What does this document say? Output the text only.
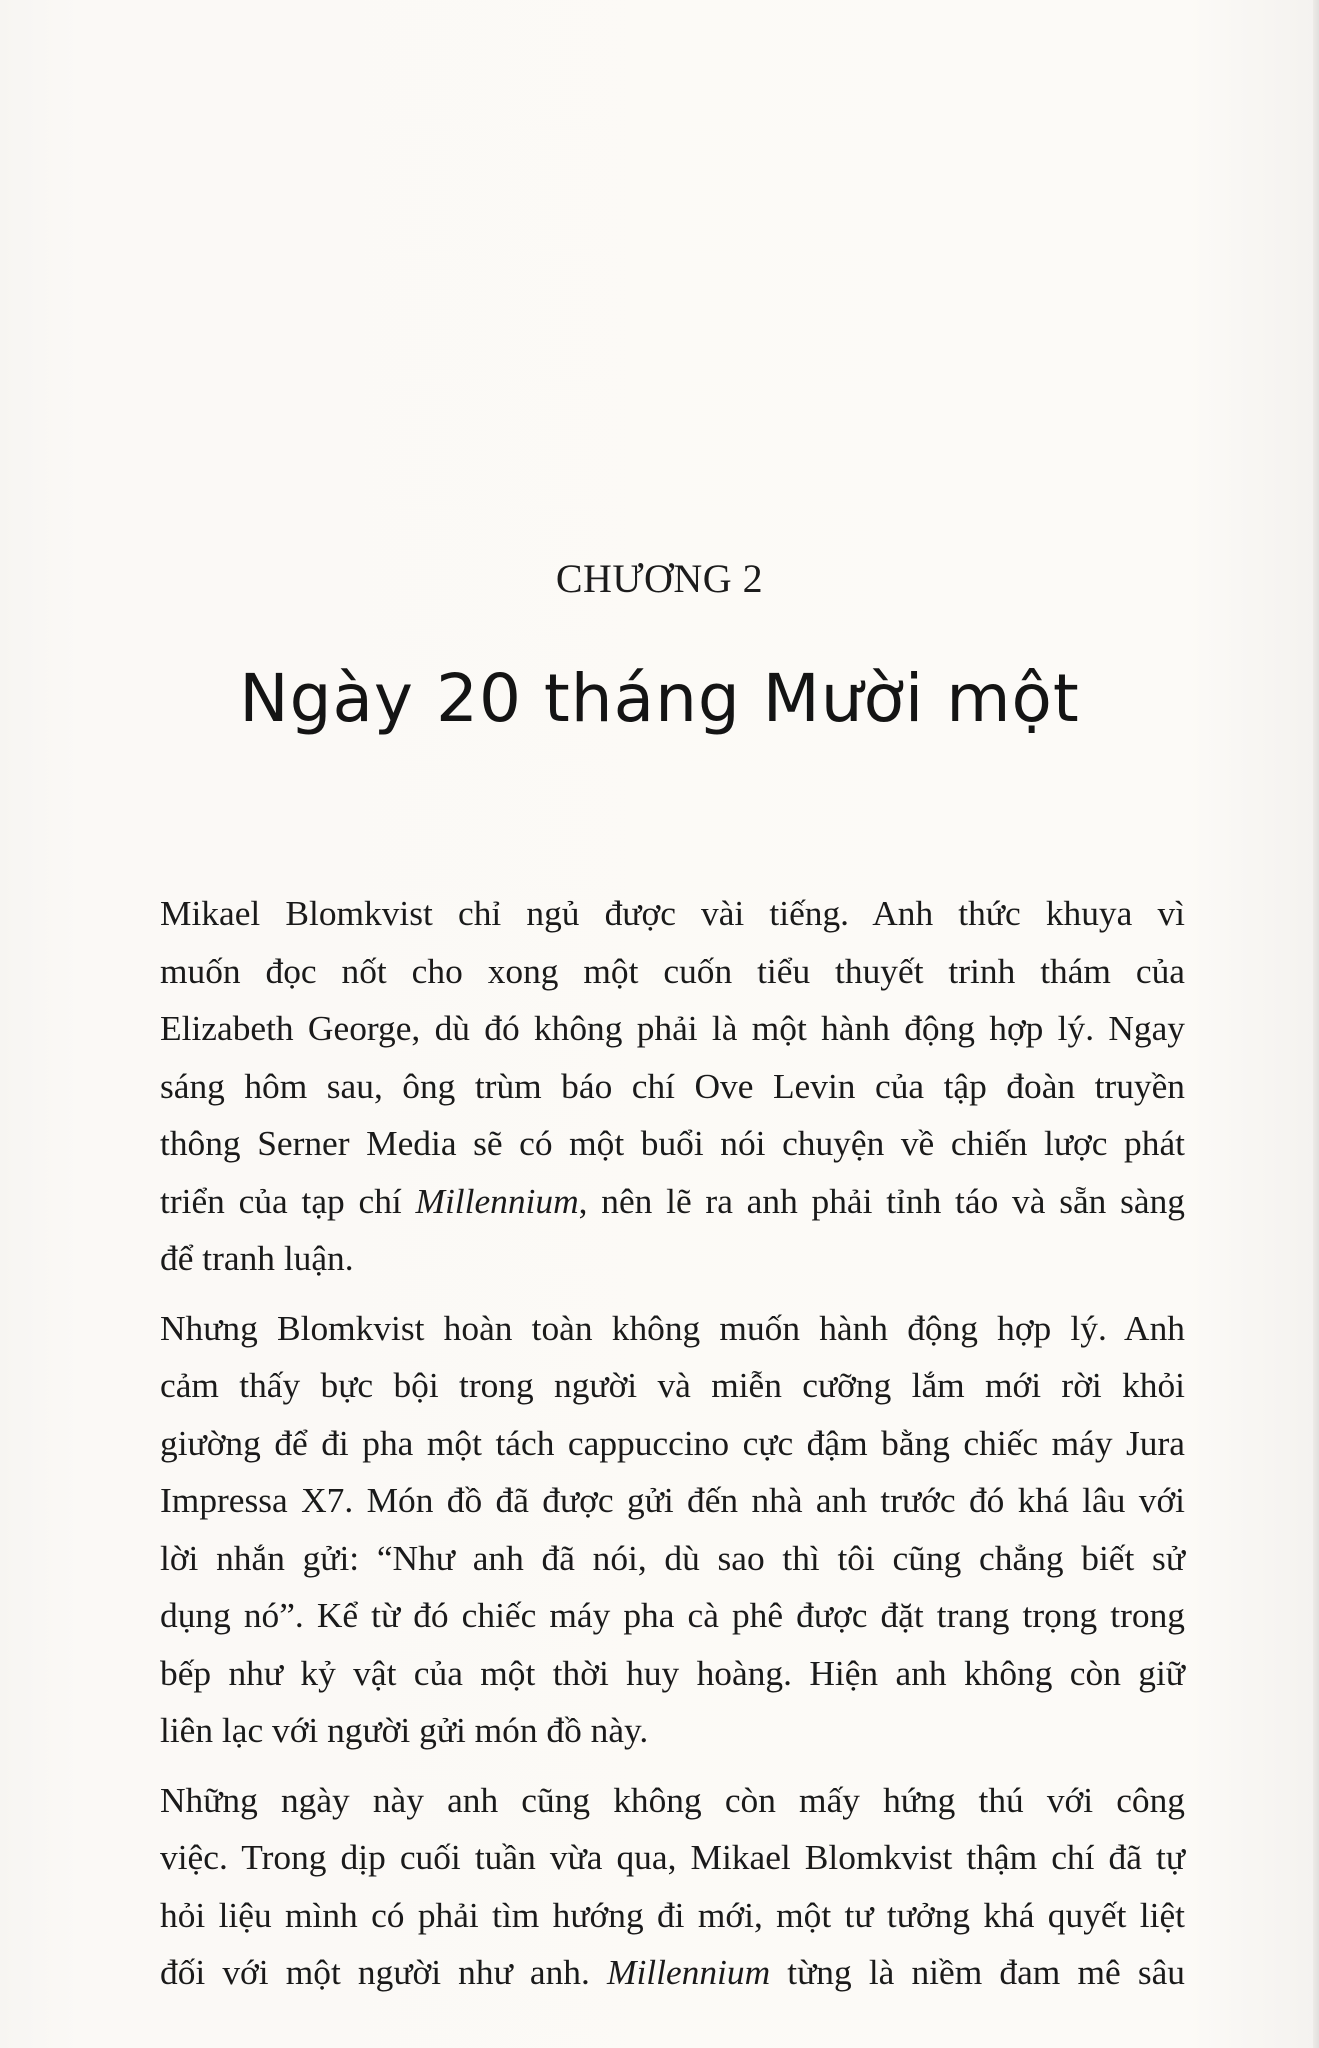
CHƯƠNG 2
Ngày 20 tháng Mười một
Mikael Blomkvist chỉ ngủ được vài tiếng. Anh thức khuya vì
muốn đọc nốt cho xong một cuốn tiểu thuyết trinh thám của
Elizabeth George, dù đó không phải là một hành động hợp lý. Ngay
sáng hôm sau, ông trùm báo chí Ove Levin của tập đoàn truyền
thông Serner Media sẽ có một buổi nói chuyện về chiến lược phát
triển của tạp chí Millennium, nên lẽ ra anh phải tỉnh táo và sẵn sàng
để tranh luận.
Nhưng Blomkvist hoàn toàn không muốn hành động hợp lý. Anh
cảm thấy bực bội trong người và miễn cưỡng lắm mới rời khỏi
giường để đi pha một tách cappuccino cực đậm bằng chiếc máy Jura
Impressa X7. Món đồ đã được gửi đến nhà anh trước đó khá lâu với
lời nhắn gửi: “Như anh đã nói, dù sao thì tôi cũng chẳng biết sử
dụng nó”. Kể từ đó chiếc máy pha cà phê được đặt trang trọng trong
bếp như kỷ vật của một thời huy hoàng. Hiện anh không còn giữ
liên lạc với người gửi món đồ này.
Những ngày này anh cũng không còn mấy hứng thú với công
việc. Trong dịp cuối tuần vừa qua, Mikael Blomkvist thậm chí đã tự
hỏi liệu mình có phải tìm hướng đi mới, một tư tưởng khá quyết liệt
đối với một người như anh. Millennium từng là niềm đam mê sâu
